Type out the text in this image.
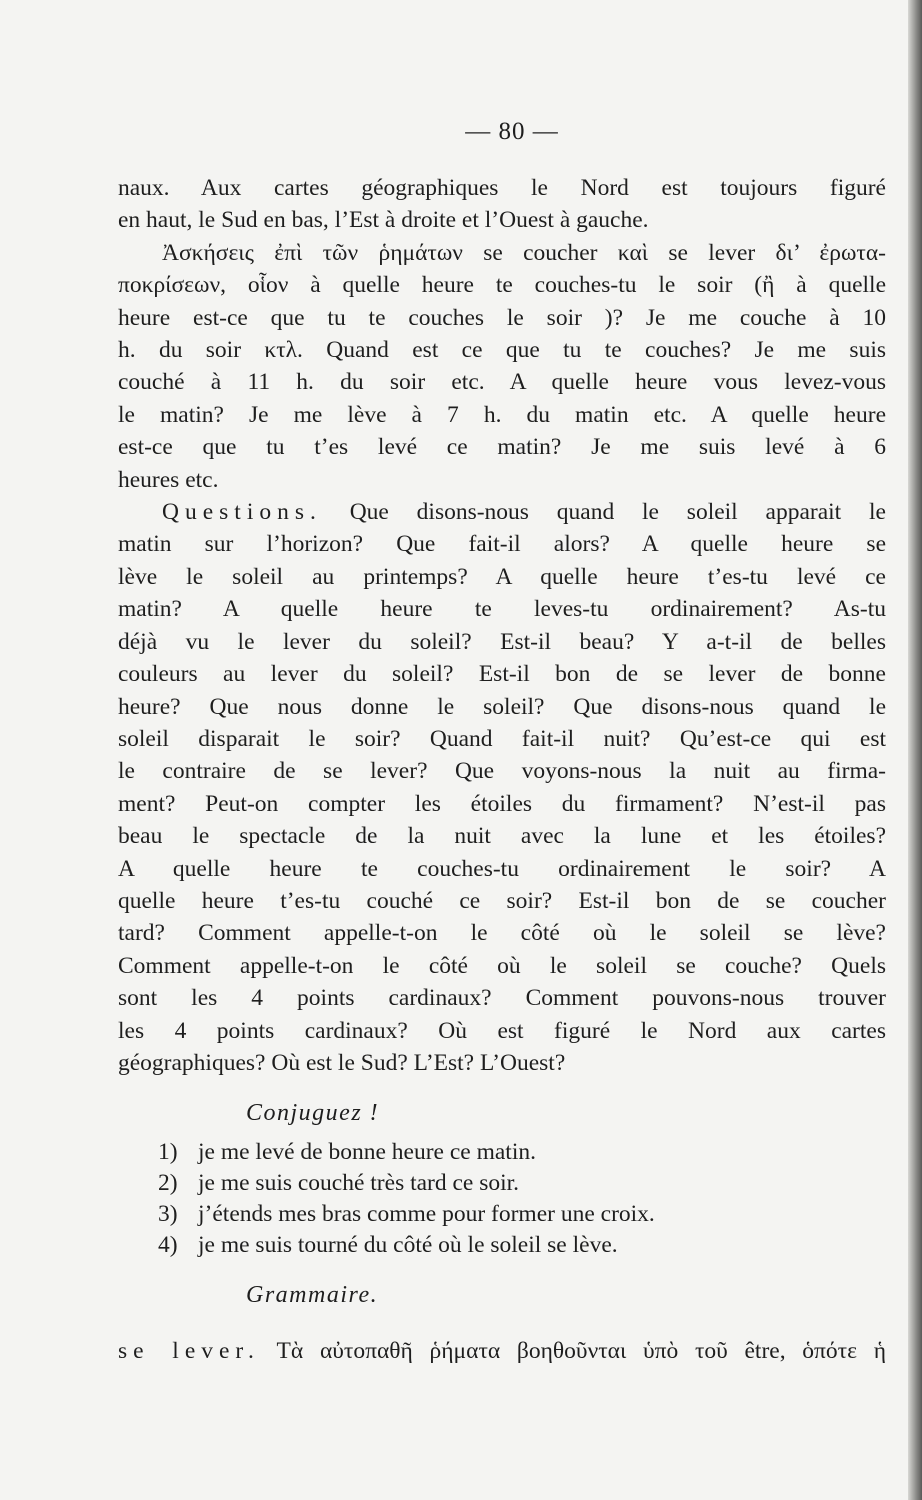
— 80 —

naux. Aux cartes géographiques le Nord est toujours figuré
en haut, le Sud en bas, l’Est à droite et l’Ouest à gauche.

Ἀσκήσεις ἐπὶ τῶν ῥημάτων se coucher καὶ se lever δι’ ἐρωτα-
ποκρίσεων, οἷον à quelle heure te couches-tu le soir (ἢ à quelle
heure est-ce que tu te couches le soir )? Je me couche à 10
h. du soir κτλ. Quand est ce que tu te couches? Je me suis
couché à 11 h. du soir etc. A quelle heure vous levez-vous
le matin? Je me lève à 7 h. du matin etc. A quelle heure
est-ce que tu t’es levé ce matin? Je me suis levé à 6
heures etc.

Questions. Que disons-nous quand le soleil apparait le
matin sur l’horizon? Que fait-il alors? A quelle heure se
lève le soleil au printemps? A quelle heure t’es-tu levé ce
matin? A quelle heure te leves-tu ordinairement? As-tu
déjà vu le lever du soleil? Est-il beau? Y a-t-il de belles
couleurs au lever du soleil? Est-il bon de se lever de bonne
heure? Que nous donne le soleil? Que disons-nous quand le
soleil disparait le soir? Quand fait-il nuit? Qu’est-ce qui est
le contraire de se lever? Que voyons-nous la nuit au firma-
ment? Peut-on compter les étoiles du firmament? N’est-il pas
beau le spectacle de la nuit avec la lune et les étoiles?
A quelle heure te couches-tu ordinairement le soir? A
quelle heure t’es-tu couché ce soir? Est-il bon de se coucher
tard? Comment appelle-t-on le côté où le soleil se lève?
Comment appelle-t-on le côté où le soleil se couche? Quels
sont les 4 points cardinaux? Comment pouvons-nous trouver
les 4 points cardinaux? Où est figuré le Nord aux cartes
géographiques? Où est le Sud? L’Est? L’Ouest?

Conjuguez !
1) je me levé de bonne heure ce matin.
2) je me suis couché très tard ce soir.
3) j’étends mes bras comme pour former une croix.
4) je me suis tourné du côté où le soleil se lève.
Grammaire.
se lever. Τὰ αὐτοπαθῆ ῥήματα βοηθοῦνται ὑπὸ τοῦ être, ὁπότε ἡ
